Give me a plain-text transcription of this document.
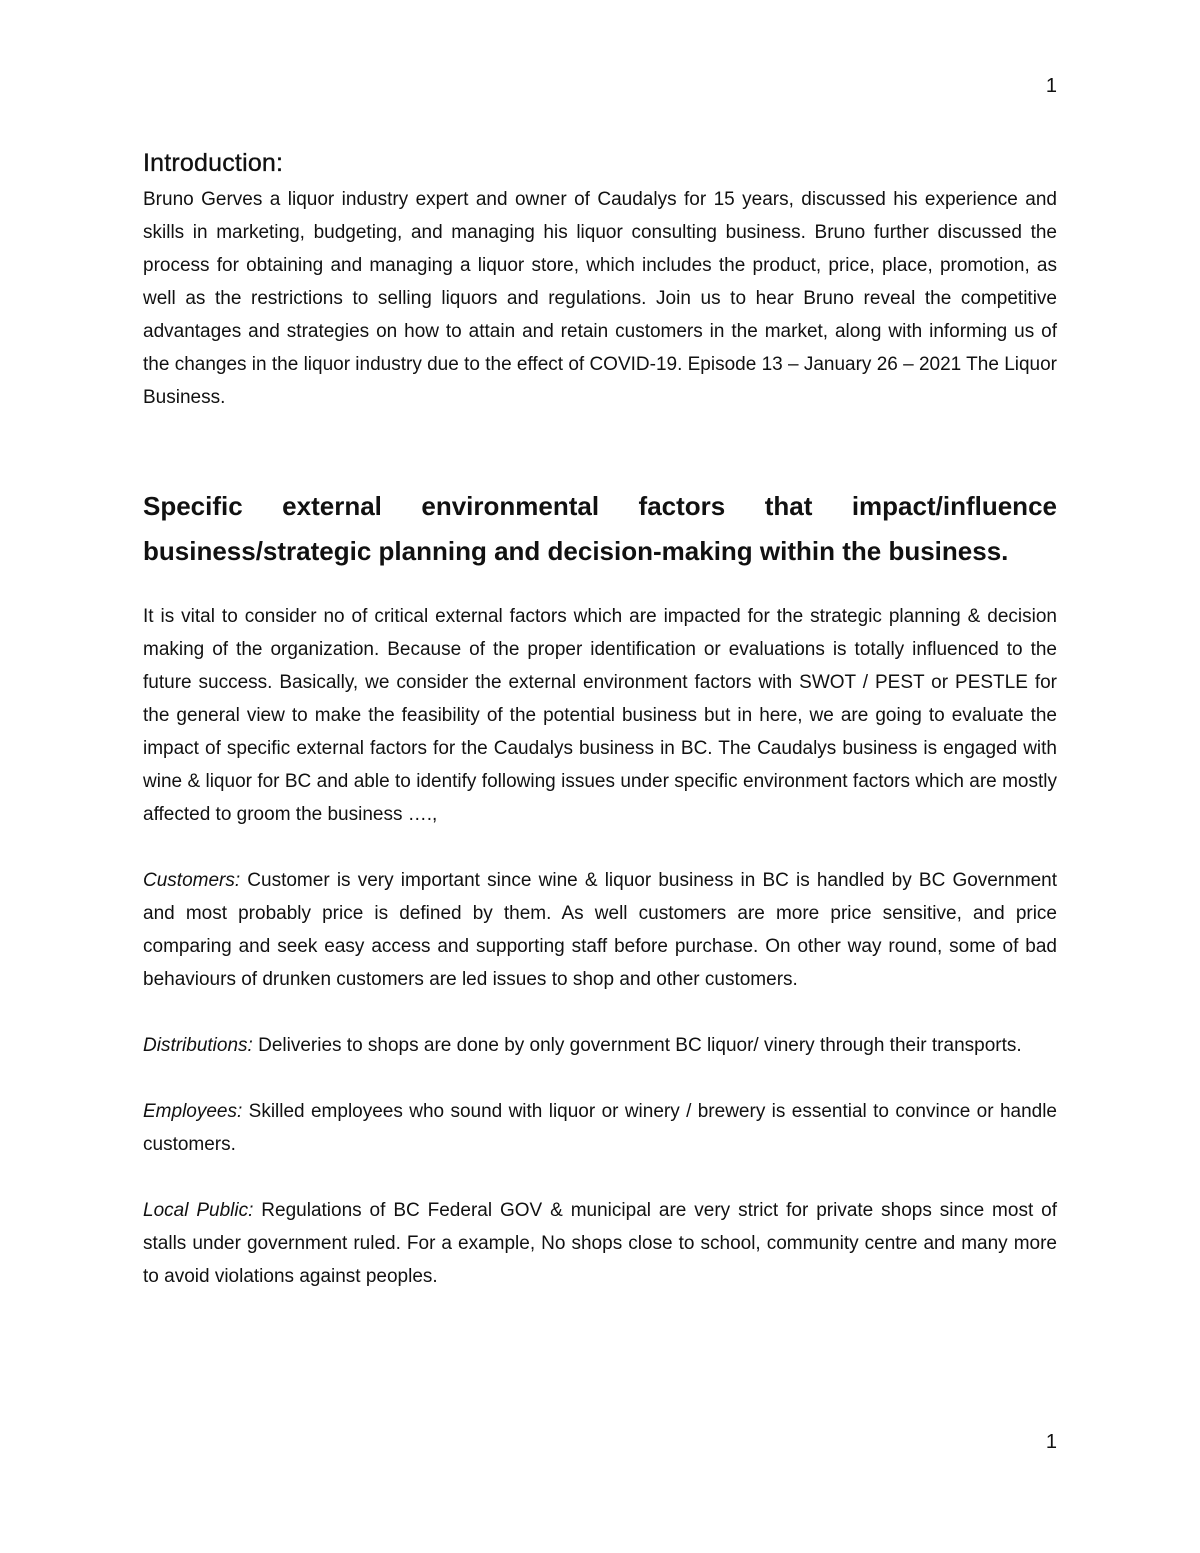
1
Introduction:

Bruno Gerves a liquor industry expert and owner of Caudalys for 15 years, discussed his experience and skills in marketing, budgeting, and managing his liquor consulting business. Bruno further discussed the process for obtaining and managing a liquor store, which includes the product, price, place, promotion, as well as the restrictions to selling liquors and regulations. Join us to hear Bruno reveal the competitive advantages and strategies on how to attain and retain customers in the market, along with informing us of the changes in the liquor industry due to the effect of COVID-19. Episode 13 – January 26 – 2021 The Liquor Business.

Specific external environmental factors that impact/influence business/strategic planning and decision-making within the business.

It is vital to consider no of critical external factors which are impacted for the strategic planning & decision making of the organization. Because of the proper identification or evaluations is totally influenced to the future success. Basically, we consider the external environment factors with SWOT / PEST or PESTLE for the general view to make the feasibility of the potential business but in here, we are going to evaluate the impact of specific external factors for the Caudalys business in BC. The Caudalys business is engaged with wine & liquor for BC and able to identify following issues under specific environment factors which are mostly affected to groom the business ….,

Customers: Customer is very important since wine & liquor business in BC is handled by BC Government and most probably price is defined by them. As well customers are more price sensitive, and price comparing and seek easy access and supporting staff before purchase. On other way round, some of bad behaviours of drunken customers are led issues to shop and other customers.

Distributions: Deliveries to shops are done by only government BC liquor/ vinery through their transports.

Employees: Skilled employees who sound with liquor or winery / brewery is essential to convince or handle customers.

Local Public: Regulations of BC Federal GOV & municipal are very strict for private shops since most of stalls under government ruled. For a example, No shops close to school, community centre and many more to avoid violations against peoples.

1
